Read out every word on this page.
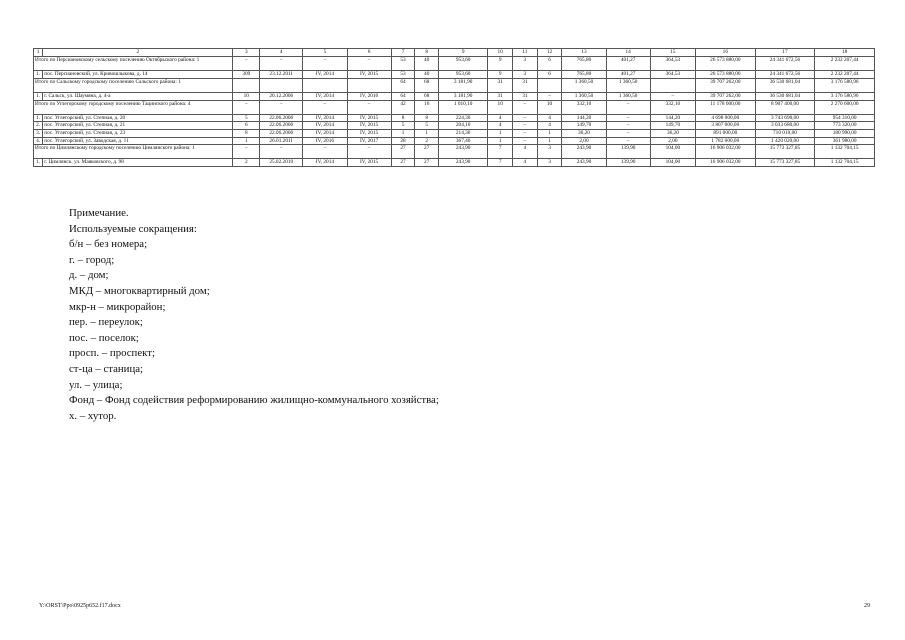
1	2	3	4	5	6	7	8	9	10	11	12	13	14	15	16	17	18
Итого по Персиановскому сельскому поселению Октябрьского района: 1		–	–	–	–	53	40	953,60	9	3	6	765,80	401,27	364,53	26 573 880,00	24 341 672,56	2 232 207,44
1.	пос. Персиановский, ул. Кривошлыкова, д. 14	309	23.12.2011	IV, 2014	IV, 2015	53	40	953,60	9	3	6	765,80	401,27	364,53	26 573 880,00	24 341 672,56	2 232 207,44
Итого по Сальскому городскому поселению Сальского района: 1						64	68	3 181,90	31	31		1 360,50	1 360,50		39 707 262,00	36 530 681,04	3 176 580,96
1.	г. Сальск, ул. Шаумяна, д. 4-а	10	20.12.2006	IV, 2014	IV, 2016	64	68	3 181,90	31	31	–	1 360,50	1 360,50	–	39 707 262,00	36 530 681,04	3 176 580,96
Итого по Углегорскому городскому поселению Тацинского района: 4		–	–	–	–	42	16	1 010,10	10	–	10	332,10	–	332,10	11 178 000,00	8 907 400,00	2 270 600,00
1.	пос. Углегорский, ул. Степная, д. 20	5	22.06.2006	IV, 2014	IV, 2015	8	8	224,30	4	–	4	144,20	–	144,20	4 698 000,00	3 743 690,00	954 310,00
2.	пос. Углегорский, ул. Степная, д. 21	6	22.06.2006	IV, 2014	IV, 2015	5	5	204,10	4	–	4	149,70	–	149,70	3 807 000,00	3 033 680,00	773 320,00
3.	пос. Углегорский, ул. Степная, д. 23	8	22.06.2006	IV, 2014	IV, 2015	1	1	214,30	1	–	1	36,20	–	36,20	891 000,00	710 010,00	180 990,00
4.	пос. Углегорский, ул. Заводская, д. 11	1	26.01.2011	IV, 2016	IV, 2017	28	2	367,40	1	–	1	2,00	–	2,00	1 782 000,00	1 420 020,00	361 980,00
Итого по Цимлянскому городскому поселению Цимлянского района: 1		–	–	–	–	27	27	243,90	7	4	3	243,90	139,90	104,00	16 906 032,00	15 773 327,85	1 132 704,15
1.	г. Цимлянск, ул. Маяковского, д. 98	2	25.02.2010	IV, 2014	IV, 2015	27	27	243,90	7	4	3	243,90	139,90	104,00	16 906 032,00	15 773 327,85	1 132 704,15
Примечание.
Используемые сокращения:
б/н – без номера;
г. – город;
д. – дом;
МКД – многоквартирный дом;
мкр-н – микрорайон;
пер. – переулок;
пос. – поселок;
просп. – проспект;
ст-ца – станица;
ул. – улица;
Фонд – Фонд содействия реформированию жилищно-коммунального хозяйства;
х. – хутор.
Y:\ORST\Ppo\0925p652.f17.docx	29
